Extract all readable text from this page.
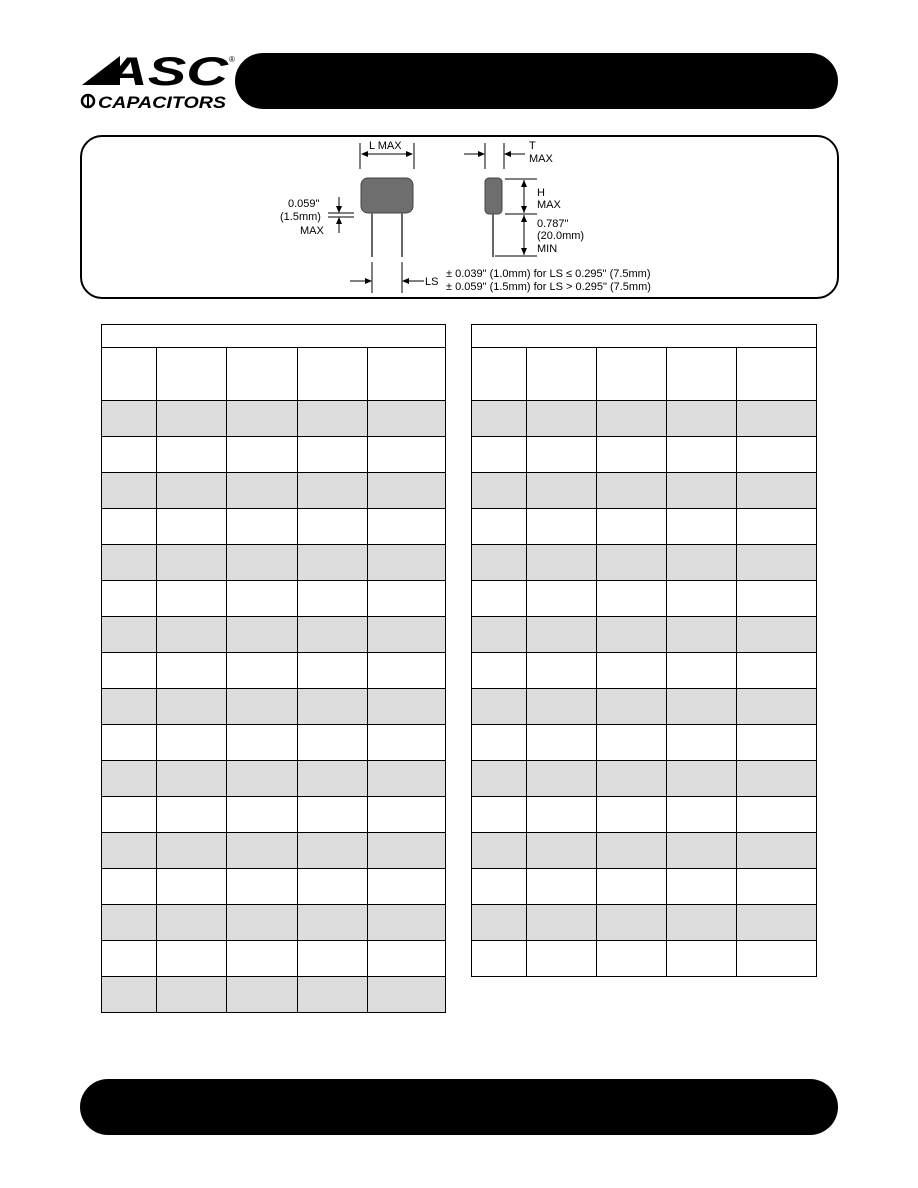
ASC ®
CAPACITORS
L MAX
0.059"
(1.5mm)
MAX
T
MAX
H
MAX
0.787"
(20.0mm)
MIN
LS
± 0.039" (1.0mm) for LS ≤ 0.295" (7.5mm)
± 0.059" (1.5mm) for LS > 0.295" (7.5mm)
